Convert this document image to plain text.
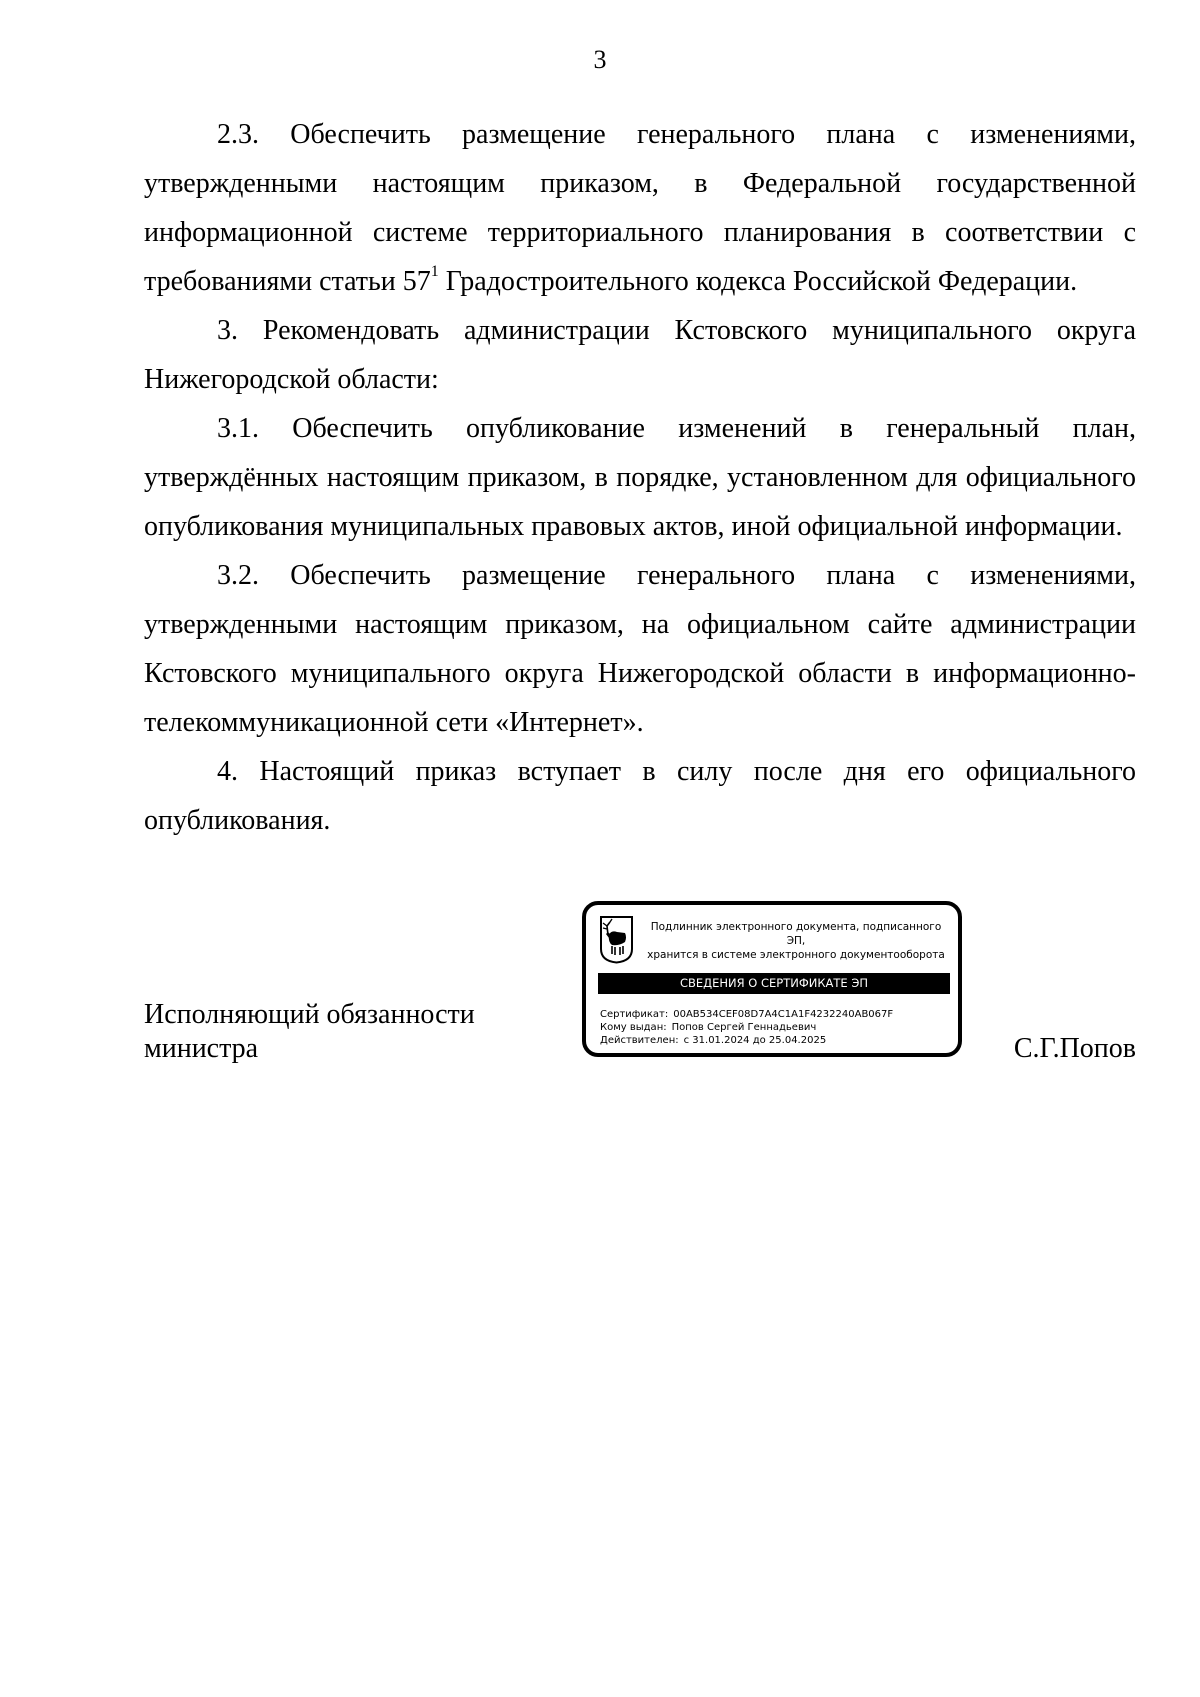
3

2.3. Обеспечить размещение генерального плана с изменениями, утвержденными настоящим приказом, в Федеральной государственной информационной системе территориального планирования в соответствии с требованиями статьи $57^1$ Градостроительного кодекса Российской Федерации.

3. Рекомендовать администрации Кстовского муниципального округа Нижегородской области:

3.1. Обеспечить опубликование изменений в генеральный план, утверждённых настоящим приказом, в порядке, установленном для официального опубликования муниципальных правовых актов, иной официальной информации.

3.2. Обеспечить размещение генерального плана с изменениями, утвержденными настоящим приказом, на официальном сайте администрации Кстовского муниципального округа Нижегородской области в информационно-телекоммуникационной сети «Интернет».

4. Настоящий приказ вступает в силу после дня его официального опубликования.

Исполняющий обязанности
министра
Подлинник электронного документа, подписанного ЭП,
хранится в системе электронного документооборота
СВЕДЕНИЯ О СЕРТИФИКАТЕ ЭП
Сертификат: 00AB534CEF08D7A4C1A1F4232240AB067F
Кому выдан: Попов Сергей Геннадьевич
Действителен: с 31.01.2024 до 25.04.2025	С.Г.Попов
